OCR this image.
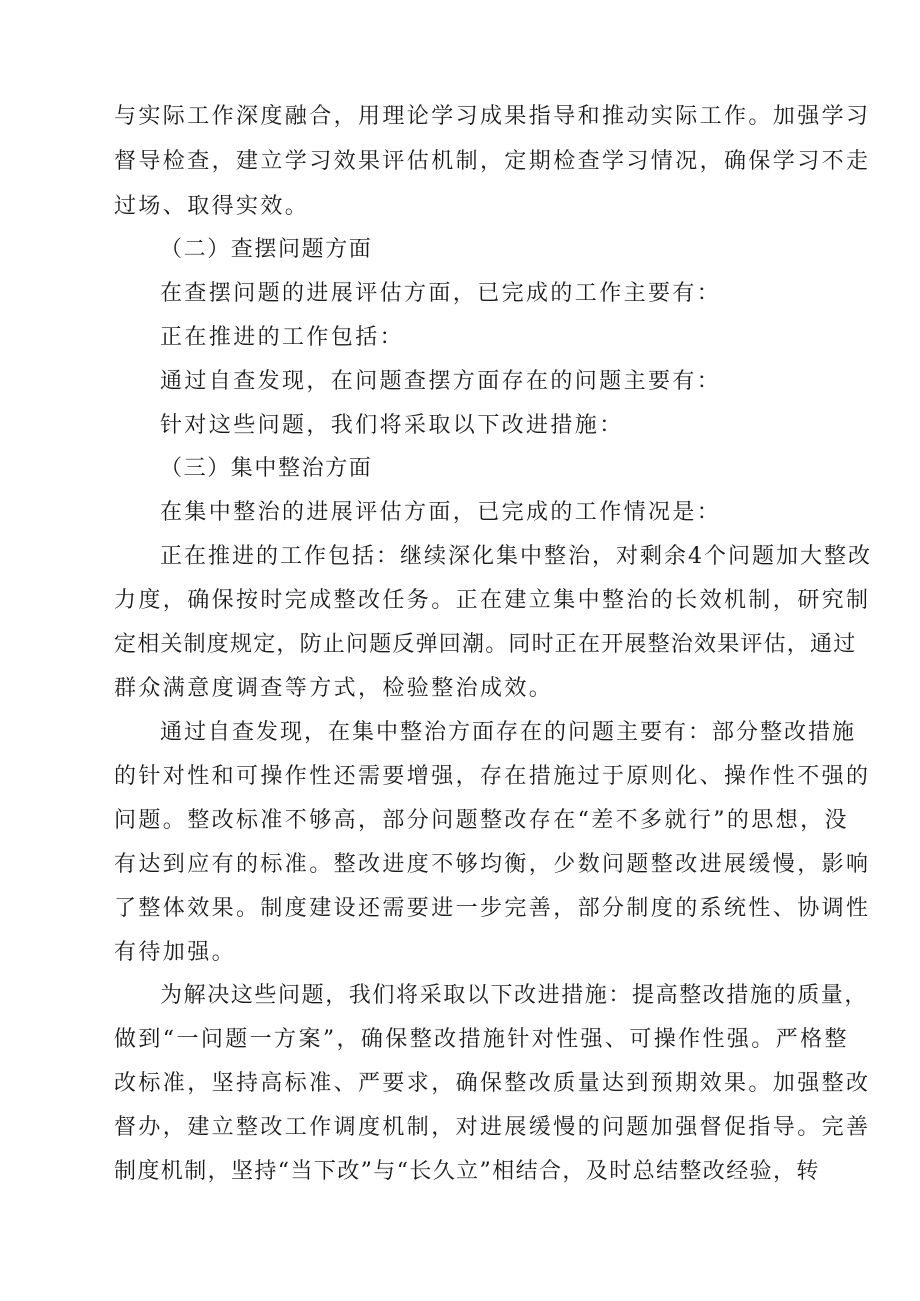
与实际工作深度融合，用理论学习成果指导和推动实际工作。加强学习
督导检查，建立学习效果评估机制，定期检查学习情况，确保学习不走
过场、取得实效。
（二）查摆问题方面
在查摆问题的进展评估方面，已完成的工作主要有：
正在推进的工作包括：
通过自查发现，在问题查摆方面存在的问题主要有：
针对这些问题，我们将采取以下改进措施：
（三）集中整治方面
在集中整治的进展评估方面，已完成的工作情况是：
正在推进的工作包括：继续深化集中整治，对剩余4个问题加大整改
力度，确保按时完成整改任务。正在建立集中整治的长效机制，研究制
定相关制度规定，防止问题反弹回潮。同时正在开展整治效果评估，通过
群众满意度调查等方式，检验整治成效。
通过自查发现，在集中整治方面存在的问题主要有：部分整改措施
的针对性和可操作性还需要增强，存在措施过于原则化、操作性不强的
问题。整改标准不够高，部分问题整改存在“差不多就行”的思想，没
有达到应有的标准。整改进度不够均衡，少数问题整改进展缓慢，影响
了整体效果。制度建设还需要进一步完善，部分制度的系统性、协调性
有待加强。
为解决这些问题，我们将采取以下改进措施：提高整改措施的质量，
做到“一问题一方案”，确保整改措施针对性强、可操作性强。严格整
改标准，坚持高标准、严要求，确保整改质量达到预期效果。加强整改
督办，建立整改工作调度机制，对进展缓慢的问题加强督促指导。完善
制度机制，坚持“当下改”与“长久立”相结合，及时总结整改经验，转
